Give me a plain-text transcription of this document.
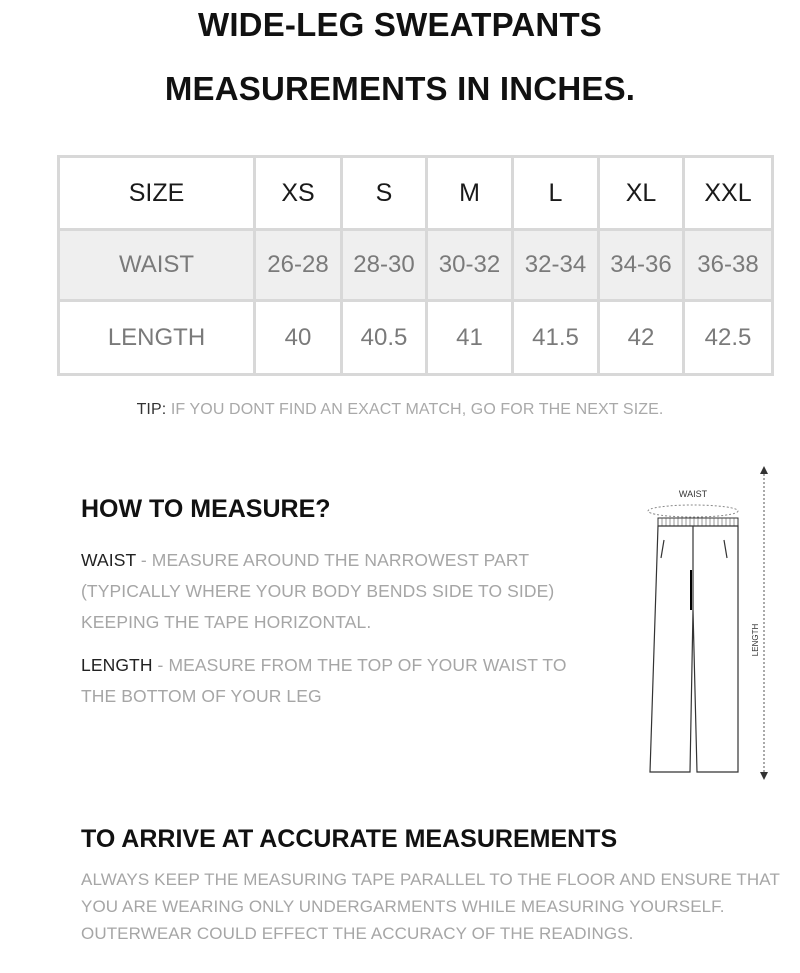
WIDE-LEG SWEATPANTS
MEASUREMENTS IN INCHES.
SIZE	XS	S	M	L	XL	XXL
WAIST	26-28	28-30	30-32	32-34	34-36	36-38
LENGTH	40	40.5	41	41.5	42	42.5
TIP: IF YOU DONT FIND AN EXACT MATCH, GO FOR THE NEXT SIZE.
HOW TO MEASURE?
WAIST - MEASURE AROUND THE NARROWEST PART (TYPICALLY WHERE YOUR BODY BENDS SIDE TO SIDE) KEEPING THE TAPE HORIZONTAL.
LENGTH - MEASURE FROM THE TOP OF YOUR WAIST TO THE BOTTOM OF YOUR LEG
WAIST
LENGTH
TO ARRIVE AT ACCURATE MEASUREMENTS
ALWAYS KEEP THE MEASURING TAPE PARALLEL TO THE FLOOR AND ENSURE THAT YOU ARE WEARING ONLY UNDERGARMENTS WHILE MEASURING YOURSELF. OUTERWEAR COULD EFFECT THE ACCURACY OF THE READINGS.
